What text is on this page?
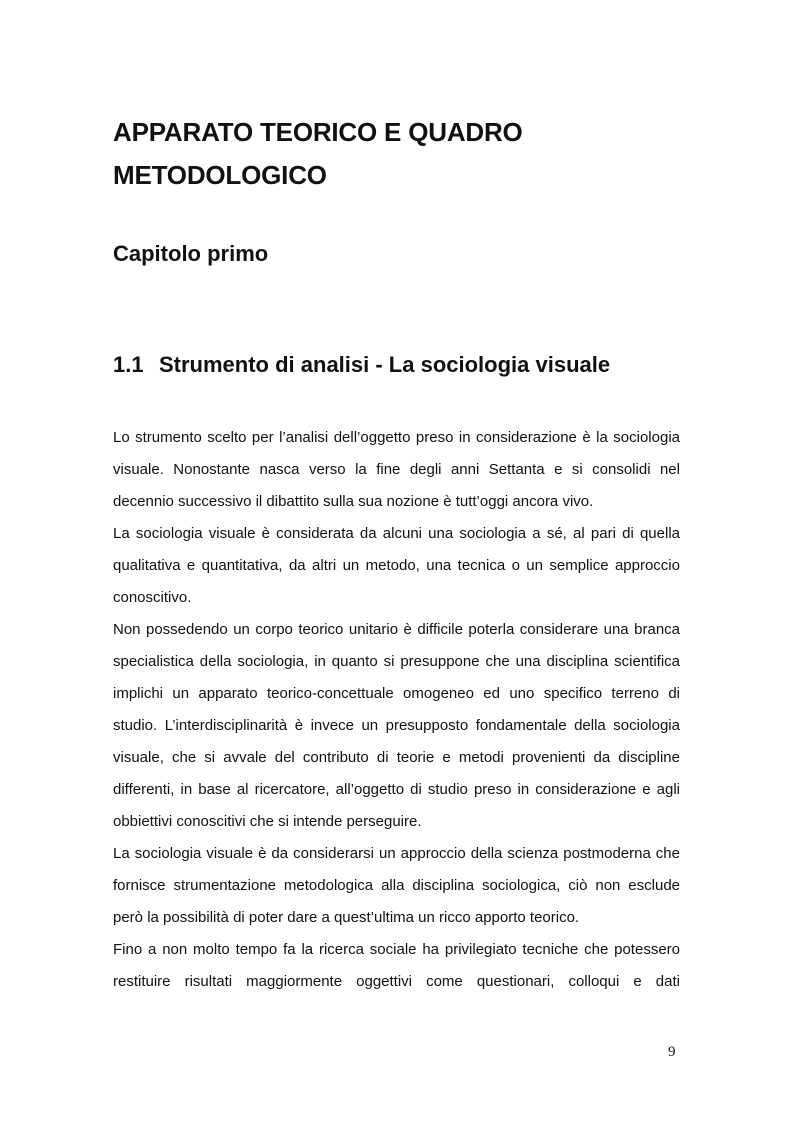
APPARATO TEORICO E QUADRO METODOLOGICO
Capitolo primo
1.1 Strumento di analisi - La sociologia visuale

Lo strumento scelto per l’analisi dell’oggetto preso in considerazione è la sociologia visuale. Nonostante nasca verso la fine degli anni Settanta e si consolidi nel decennio successivo il dibattito sulla sua nozione è tutt’oggi ancora vivo.

La sociologia visuale è considerata da alcuni una sociologia a sé, al pari di quella qualitativa e quantitativa, da altri un metodo, una tecnica o un semplice approccio conoscitivo.

Non possedendo un corpo teorico unitario è difficile poterla considerare una branca specialistica della sociologia, in quanto si presuppone che una disciplina scientifica implichi un apparato teorico-concettuale omogeneo ed uno specifico terreno di studio. L’interdisciplinarità è invece un presupposto fondamentale della sociologia visuale, che si avvale del contributo di teorie e metodi provenienti da discipline differenti, in base al ricercatore, all’oggetto di studio preso in considerazione e agli obbiettivi conoscitivi che si intende perseguire.

La sociologia visuale è da considerarsi un approccio della scienza postmoderna che fornisce strumentazione metodologica alla disciplina sociologica, ciò non esclude però la possibilità di poter dare a quest’ultima un ricco apporto teorico.

Fino a non molto tempo fa la ricerca sociale ha privilegiato tecniche che potessero restituire risultati maggiormente oggettivi come questionari, colloqui e dati

9
